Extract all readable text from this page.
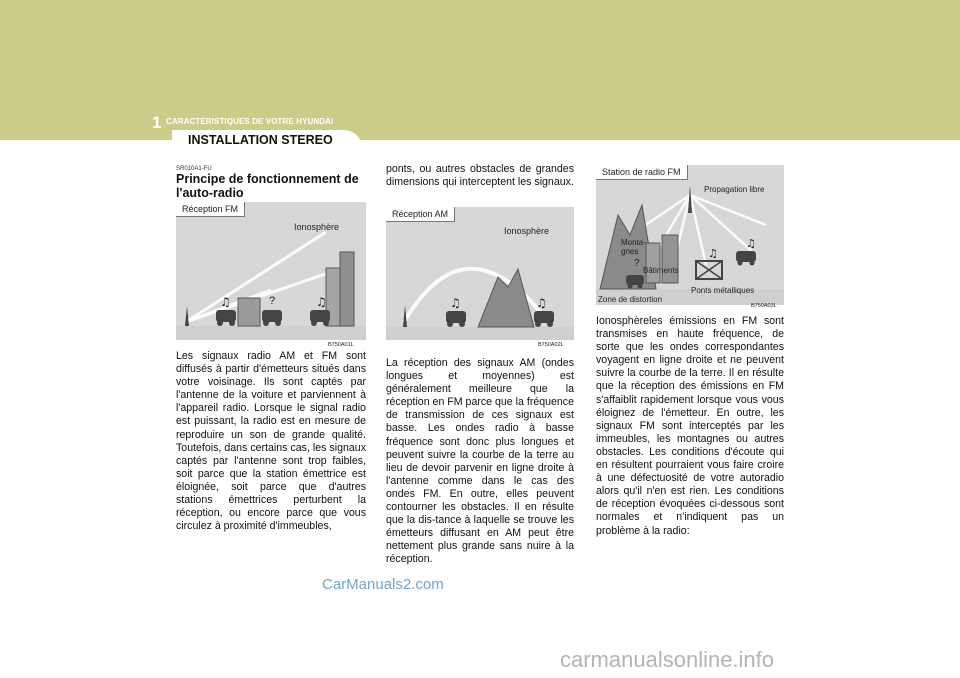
1 CARACTÉRISTIQUES DE VOTRE HYUNDAI
INSTALLATION STEREO
116
SR010A1-FU
Principe de fonctionnement de l'auto-radio
♫	♫
Réception FM
Ionosphère
?
B750A01L
Les signaux radio AM et FM sont diffusés à partir d'émetteurs situés dans votre voisinage. Ils sont captés par l'antenne de la voiture et parviennent à l'appareil radio. Lorsque le signal radio est puissant, la radio est en mesure de reproduire un son de grande qualité. Toutefois, dans certains cas, les signaux captés par l'antenne sont trop faibles, soit parce que la station émettrice est éloignée, soit parce que d'autres stations émettrices perturbent la réception, ou encore parce que vous circulez à proximité d'immeubles,
ponts, ou autres obstacles de grandes dimensions qui interceptent les signaux.
♫	♫
Réception AM
Ionosphère
B750A02L
La réception des signaux AM (ondes longues et moyennes) est généralement meilleure que la réception en FM parce que la fréquence de transmission de ces signaux est basse. Les ondes radio à basse fréquence sont donc plus longues et peuvent suivre la courbe de la terre au lieu de devoir parvenir en ligne droite à l'antenne comme dans le cas des ondes FM. En outre, elles peuvent contourner les obstacles. Il en résulte que la dis-tance à laquelle se trouve les émetteurs diffusant en AM peut être nettement plus grande sans nuire à la réception.
♫
♫
Station de radio FM
Propagation libre
Monta- gnes
?
Bâtiments
Ponts métalliques
Zone de distortion
B750A03L
Ionosphèreles émissions en FM sont transmises en haute fréquence, de sorte que les ondes correspondantes voyagent en ligne droite et ne peuvent suivre la courbe de la terre. Il en résulte que la réception des émissions en FM s'affaiblit rapidement lorsque vous vous éloignez de l'émetteur. En outre, les signaux FM sont interceptés par les immeubles, les montagnes ou autres obstacles. Les conditions d'écoute qui en résultent pourraient vous faire croire à une défectuosité de votre autoradio alors qu'il n'en est rien. Les conditions de réception évoquées ci-dessous sont normales et n'indiquent pas un problème à la radio:
CarManuals2.com
carmanualsonline.info
